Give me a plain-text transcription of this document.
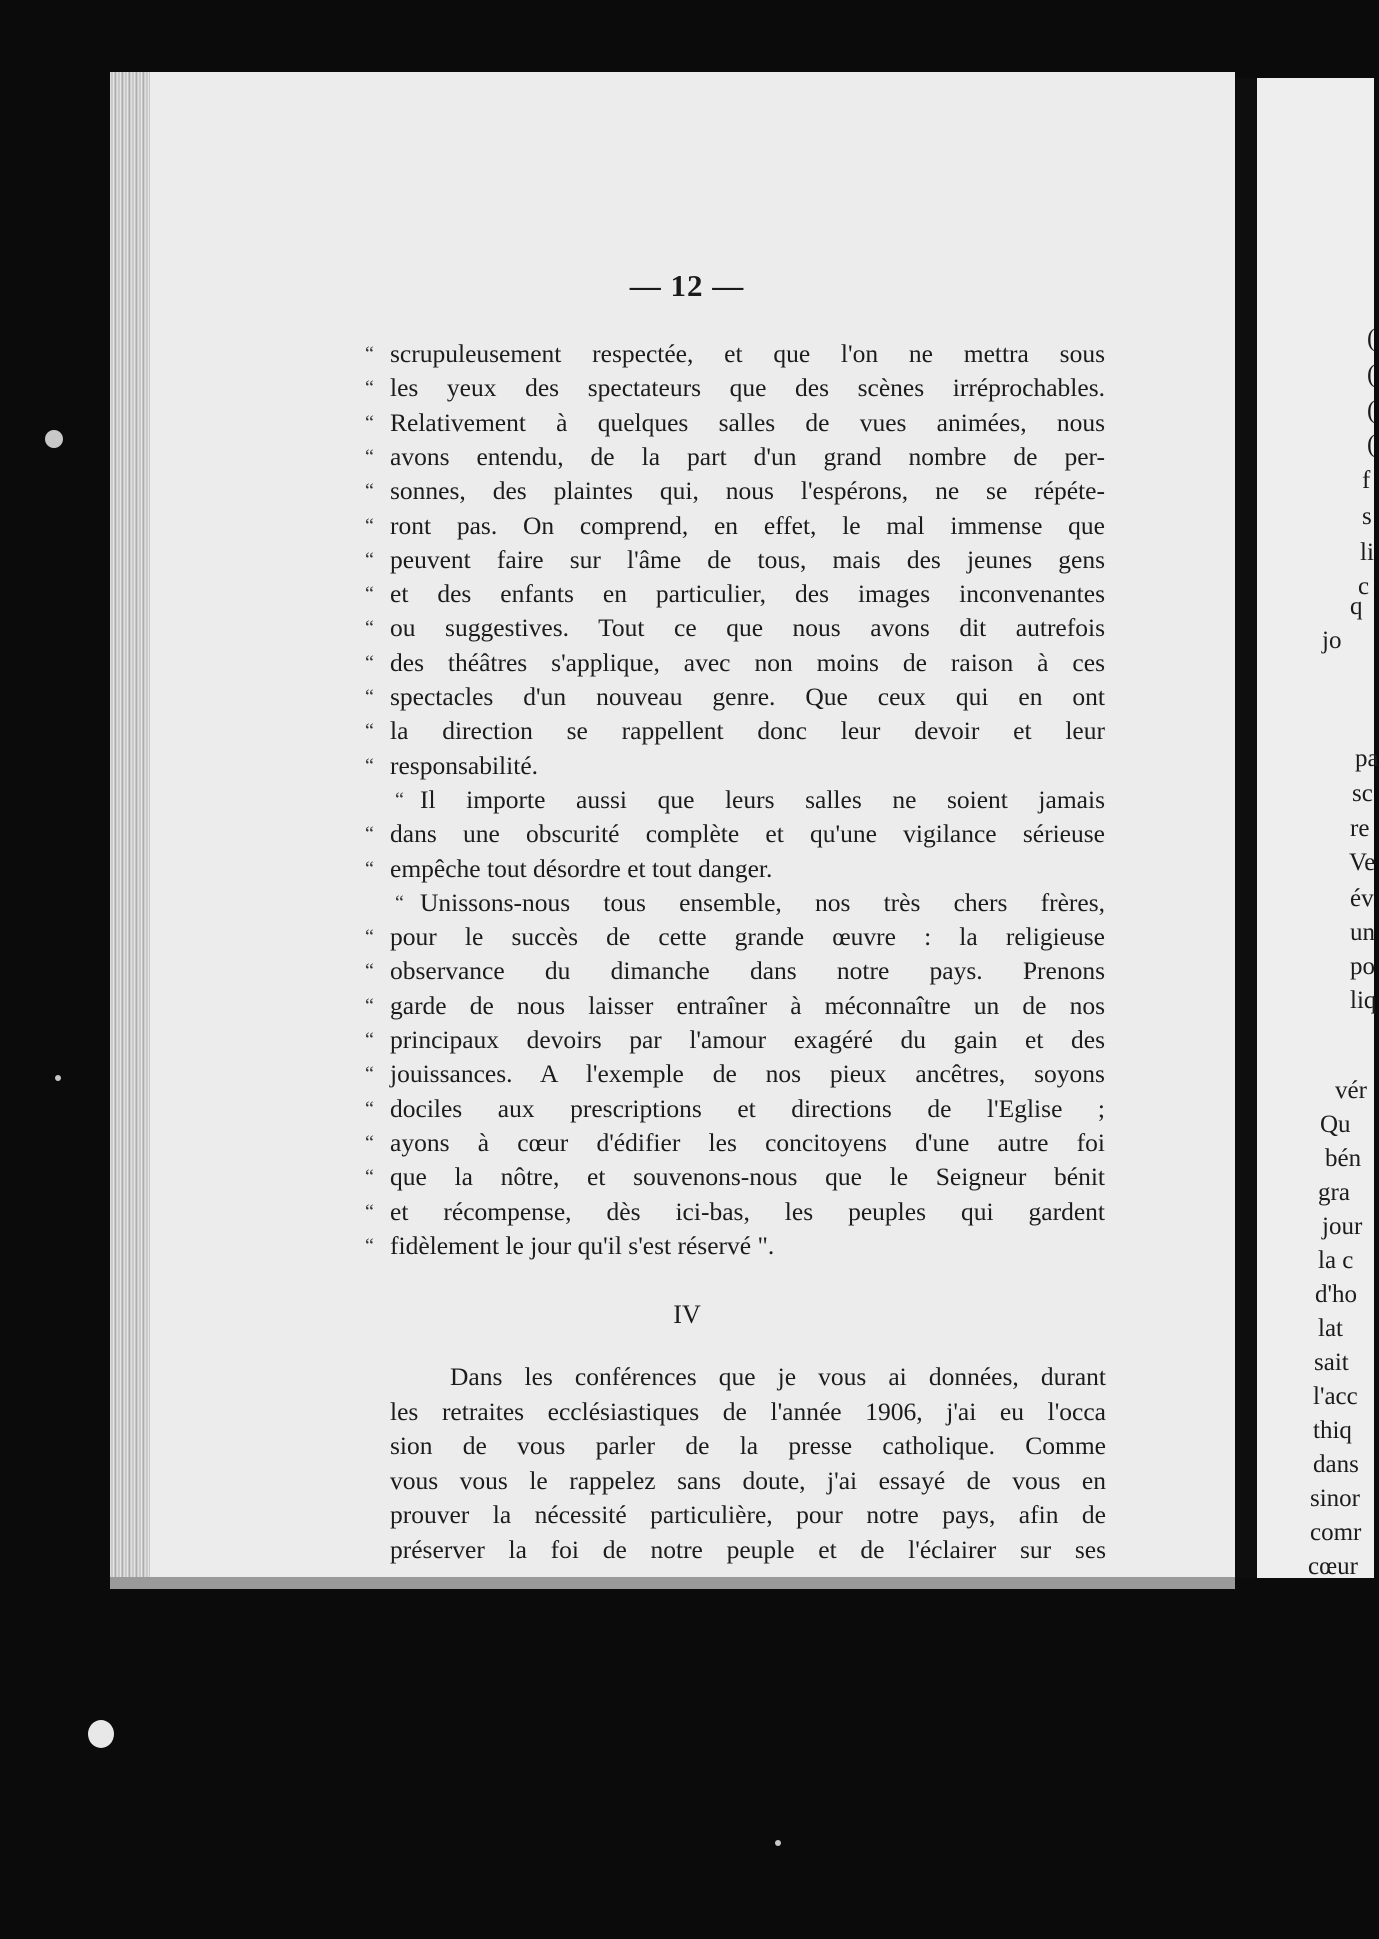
— 12 —
“ scrupuleusement respectée, et que l'on ne mettra sous
“ les yeux des spectateurs que des scènes irréprochables.
“ Relativement à quelques salles de vues animées, nous
“ avons entendu, de la part d'un grand nombre de per-
“ sonnes, des plaintes qui, nous l'espérons, ne se répéte-
“ ront pas. On comprend, en effet, le mal immense que
“ peuvent faire sur l'âme de tous, mais des jeunes gens
“ et des enfants en particulier, des images inconvenantes
“ ou suggestives. Tout ce que nous avons dit autrefois
“ des théâtres s'applique, avec non moins de raison à ces
“ spectacles d'un nouveau genre. Que ceux qui en ont
“ la direction se rappellent donc leur devoir et leur
“ responsabilité.
“ Il importe aussi que leurs salles ne soient jamais
“ dans une obscurité complète et qu'une vigilance sérieuse
“ empêche tout désordre et tout danger.
“ Unissons-nous tous ensemble, nos très chers frères,
“ pour le succès de cette grande œuvre : la religieuse
“ observance du dimanche dans notre pays. Prenons
“ garde de nous laisser entraîner à méconnaître un de nos
“ principaux devoirs par l'amour exagéré du gain et des
“ jouissances. A l'exemple de nos pieux ancêtres, soyons
“ dociles aux prescriptions et directions de l'Eglise ;
“ ayons à cœur d'édifier les concitoyens d'une autre foi
“ que la nôtre, et souvenons-nous que le Seigneur bénit
“ et récompense, dès ici-bas, les peuples qui gardent
“ fidèlement le jour qu'il s'est réservé ".
IV
Dans les conférences que je vous ai données, durant
les retraites ecclésiastiques de l'année 1906, j'ai eu l'occa
sion de vous parler de la presse catholique. Comme
vous vous le rappelez sans doute, j'ai essayé de vous en
prouver la nécessité particulière, pour notre pays, afin de
préserver la foi de notre peuple et de l'éclairer sur ses
q
jo
pa
sc
re
Ve
év
un
po
liq
vér
Qu
bén
gra
jour
la c
d'ho
lat
sait
l'acc
thiq
dans
sinor
comr
cœur
(
(
(
(
f
s
li
c
